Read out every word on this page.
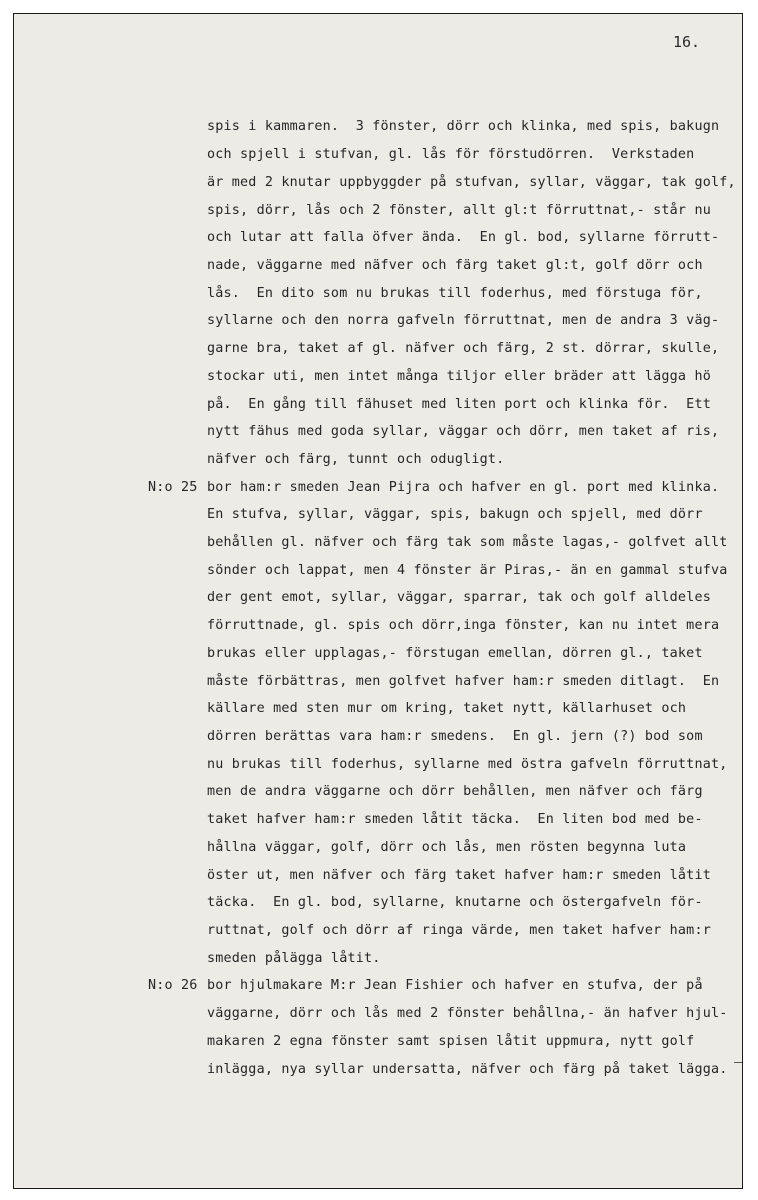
16.
spis i kammaren.  3 fönster, dörr och klinka, med spis, bakugn
och spjell i stufvan, gl. lås för förstudörren.  Verkstaden
är med 2 knutar uppbyggder på stufvan, syllar, väggar, tak golf,
spis, dörr, lås och 2 fönster, allt gl:t förruttnat,- står nu
och lutar att falla öfver ända.  En gl. bod, syllarne förrutt-
nade, väggarne med näfver och färg taket gl:t, golf dörr och
lås.  En dito som nu brukas till foderhus, med förstuga för,
syllarne och den norra gafveln förruttnat, men de andra 3 väg-
garne bra, taket af gl. näfver och färg, 2 st. dörrar, skulle,
stockar uti, men intet många tiljor eller bräder att lägga hö
på.  En gång till fähuset med liten port och klinka för.  Ett
nytt fähus med goda syllar, väggar och dörr, men taket af ris,
näfver och färg, tunnt och odugligt.
N:o 25 bor ham:r smeden Jean Pijra och hafver en gl. port med klinka.
En stufva, syllar, väggar, spis, bakugn och spjell, med dörr
behållen gl. näfver och färg tak som måste lagas,- golfvet allt
sönder och lappat, men 4 fönster är Piras,- än en gammal stufva
der gent emot, syllar, väggar, sparrar, tak och golf alldeles
förruttnade, gl. spis och dörr,inga fönster, kan nu intet mera
brukas eller upplagas,- förstugan emellan, dörren gl., taket
måste förbättras, men golfvet hafver ham:r smeden ditlagt.  En
källare med sten mur om kring, taket nytt, källarhuset och
dörren berättas vara ham:r smedens.  En gl. jern (?) bod som
nu brukas till foderhus, syllarne med östra gafveln förruttnat,
men de andra väggarne och dörr behållen, men näfver och färg
taket hafver ham:r smeden låtit täcka.  En liten bod med be-
hållna väggar, golf, dörr och lås, men rösten begynna luta
öster ut, men näfver och färg taket hafver ham:r smeden låtit
täcka.  En gl. bod, syllarne, knutarne och östergafveln för-
ruttnat, golf och dörr af ringa värde, men taket hafver ham:r
smeden pålägga låtit.
N:o 26 bor hjulmakare M:r Jean Fishier och hafver en stufva, der på
väggarne, dörr och lås med 2 fönster behållna,- än hafver hjul-
makaren 2 egna fönster samt spisen låtit uppmura, nytt golf
inlägga, nya syllar undersatta, näfver och färg på taket lägga.
